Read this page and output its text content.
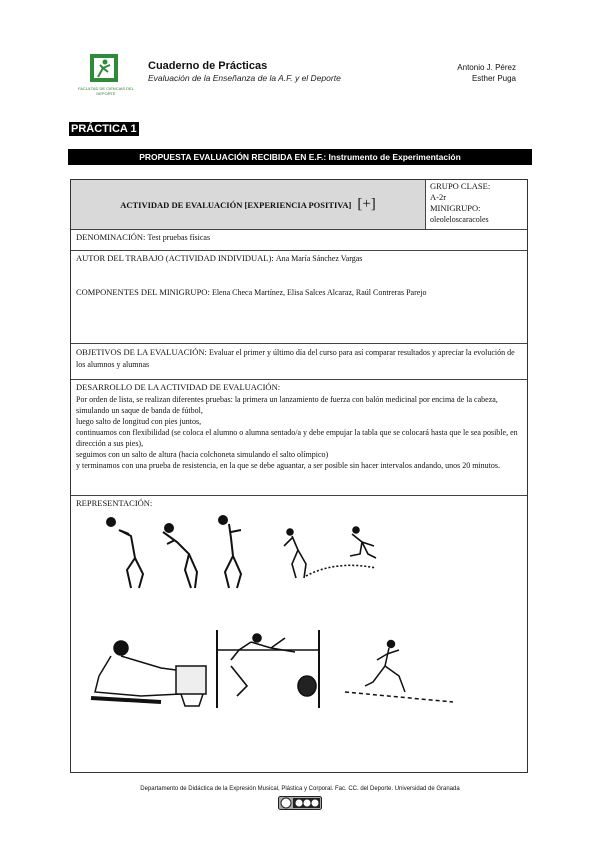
FACULTAD DE CIENCIAS DEL DEPORTE
Cuaderno de Prácticas
Evaluación de la Enseñanza de la A.F. y el Deporte
Antonio J. Pérez
Esther Puga
PRÁCTICA 1
PROPUESTA EVALUACIÓN RECIBIDA EN E.F.: Instrumento de Experimentación
ACTIVIDAD DE EVALUACIÓN [EXPERIENCIA POSITIVA] [+]
GRUPO CLASE:
A-2r
MINIGRUPO:
oleoleloscaracoles
DENOMINACIÓN: Test pruebas físicas
AUTOR DEL TRABAJO (ACTIVIDAD INDIVIDUAL): Ana María Sánchez Vargas
COMPONENTES DEL MINIGRUPO: Elena Checa Martínez, Elisa Salces Alcaraz, Raúl Contreras Parejo
OBJETIVOS DE LA EVALUACIÓN: Evaluar el primer y último día del curso para así comparar resultados y apreciar la evolución de los alumnos y alumnas
DESARROLLO DE LA ACTIVIDAD DE EVALUACIÓN:
Por orden de lista, se realizan diferentes pruebas: la primera un lanzamiento de fuerza con balón medicinal por encima de la cabeza, simulando un saque de banda de fútbol,
luego salto de longitud con pies juntos,
continuamos con flexibilidad (se coloca el alumno o alumna sentado/a y debe empujar la tabla que se colocará hasta que le sea posible, en dirección a sus pies),
seguimos con un salto de altura (hacia colchoneta simulando el salto olímpico)
y terminamos con una prueba de resistencia, en la que se debe aguantar, a ser posible sin hacer intervalos andando, unos 20 minutos.
REPRESENTACIÓN:
Departamento de Didáctica de la Expresión Musical, Plástica y Corporal. Fac. CC. del Deporte. Universidad de Granada
